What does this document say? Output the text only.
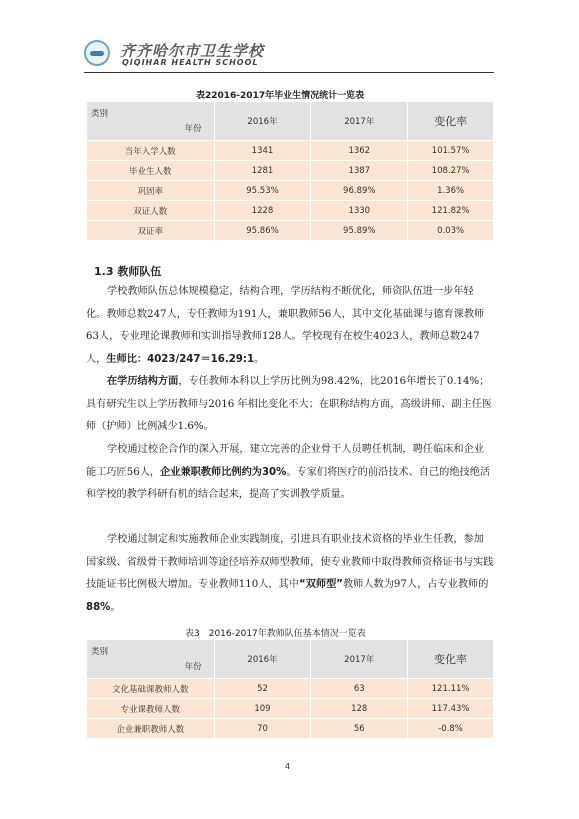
齐齐哈尔市卫生学校
QIQIHAR HEALTH SCHOOL
表22016-2017年毕业生情况统计一览表
类别
年份	2016年	2017年	变化率
当年入学人数	1341	1362	101.57%
毕业生人数	1281	1387	108.27%
巩固率	95.53%	96.89%	1.36%
双证人数	1228	1330	121.82%
双证率	95.86%	95.89%	0.03%
1.3 教师队伍
学校教师队伍总体规模稳定，结构合理，学历结构不断优化，师资队伍进一步年轻化。教师总数247人，专任教师为191人，兼职教师56人，其中文化基础课与德育课教师63人，专业理论课教师和实训指导教师128人。学校现有在校生4023人，教师总数247人，生师比：4023/247＝16.29:1。
在学历结构方面，专任教师本科以上学历比例为98.42%，比2016年增长了0.14%；具有研究生以上学历教师与2016 年相比变化不大；在职称结构方面，高级讲师、副主任医师（护师）比例减少1.6%。
学校通过校企合作的深入开展，建立完善的企业骨干人员聘任机制，聘任临床和企业能工巧匠56人，企业兼职教师比例约为30%。专家们将医疗的前沿技术、自己的绝技绝活和学校的教学科研有机的结合起来，提高了实训教学质量。
学校通过制定和实施教师企业实践制度，引进具有职业技术资格的毕业生任教，参加国家级、省级骨干教师培训等途径培养双师型教师，使专业教师中取得教师资格证书与实践技能证书比例极大增加。专业教师110人，其中“双师型”教师人数为97人，占专业教师的88%。
表3　2016-2017年教师队伍基本情况一览表
类别
年份	2016年	2017年	变化率
文化基础课教师人数	52	63	121.11%
专业课教师人数	109	128	117.43%
企业兼职教师人数	70	56	-0.8%
4
